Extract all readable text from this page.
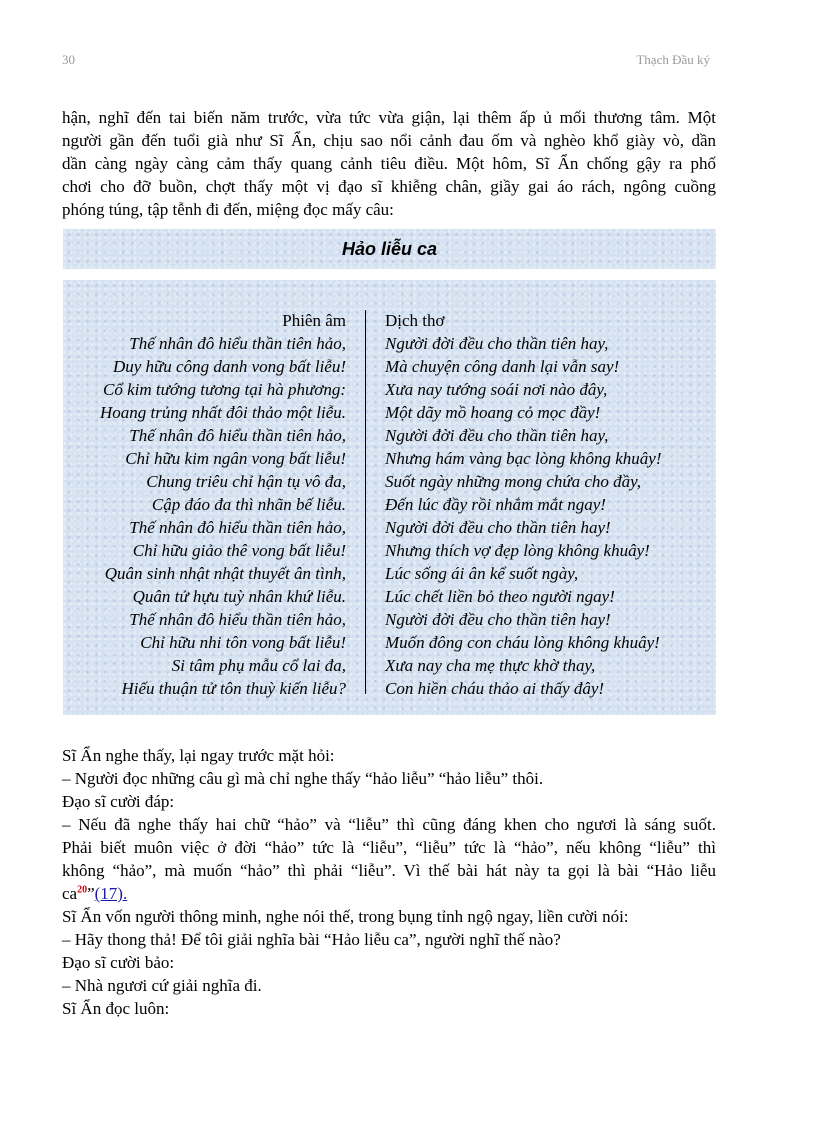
30	Thạch Đầu ký
hận, nghĩ đến tai biến năm trước, vừa tức vừa giận, lại thêm ấp ủ mối thương tâm. Một
người gần đến tuổi già như Sĩ Ẩn, chịu sao nổi cảnh đau ốm và nghèo khổ giày vò, dần
dần càng ngày càng cảm thấy quang cảnh tiêu điều. Một hôm, Sĩ Ẩn chống gậy ra phố
chơi cho đỡ buồn, chợt thấy một vị đạo sĩ khiễng chân, giầy gai áo rách, ngông cuồng
phóng túng, tập tễnh đi đến, miệng đọc mấy câu:
Hảo liễu ca
Phiên âm
Thế nhân đô hiểu thần tiên hảo,
Duy hữu công danh vong bất liễu!
Cổ kim tướng tương tại hà phương:
Hoang trủng nhất đôi thảo một liễu.
Thế nhân đô hiểu thần tiên hảo,
Chỉ hữu kim ngân vong bất liễu!
Chung triêu chỉ hận tụ vô đa,
Cập đáo đa thì nhãn bế liễu.
Thế nhân đô hiểu thần tiên hảo,
Chỉ hữu giảo thê vong bất liễu!
Quân sinh nhật nhật thuyết ân tình,
Quân tử hựu tuỳ nhân khứ liễu.
Thế nhân đô hiểu thần tiên hảo,
Chỉ hữu nhi tôn vong bất liễu!
Si tâm phụ mẫu cổ lai đa,
Hiếu thuận tử tôn thuỳ kiến liễu?
Dịch thơ
Người đời đều cho thần tiên hay,
Mà chuyện công danh lại vẫn say!
Xưa nay tướng soái nơi nào đây,
Một dãy mồ hoang cỏ mọc đầy!
Người đời đều cho thần tiên hay,
Nhưng hám vàng bạc lòng không khuây!
Suốt ngày những mong chứa cho đầy,
Đến lúc đầy rồi nhắm mắt ngay!
Người đời đều cho thần tiên hay!
Nhưng thích vợ đẹp lòng không khuây!
Lúc sống ái ân kể suốt ngày,
Lúc chết liền bỏ theo người ngay!
Người đời đều cho thần tiên hay!
Muốn đông con cháu lòng không khuây!
Xưa nay cha mẹ thực khờ thay,
Con hiền cháu thảo ai thấy đây!
Sĩ Ẩn nghe thấy, lại ngay trước mặt hỏi:
– Người đọc những câu gì mà chỉ nghe thấy “hảo liễu” “hảo liễu” thôi.
Đạo sĩ cười đáp:
– Nếu đã nghe thấy hai chữ “hảo” và “liễu” thì cũng đáng khen cho ngươi là sáng suốt.
Phải biết muôn việc ở đời “hảo” tức là “liễu”, “liễu” tức là “hảo”, nếu không “liễu” thì
không “hảo”, mà muốn “hảo” thì phải “liễu”. Vì thế bài hát này ta gọi là bài “Hảo liễu
ca$^{20}$”(17).
Sĩ Ẩn vốn người thông minh, nghe nói thế, trong bụng tỉnh ngộ ngay, liền cười nói:
– Hãy thong thả! Để tôi giải nghĩa bài “Hảo liễu ca”, người nghĩ thế nào?
Đạo sĩ cười bảo:
– Nhà ngươi cứ giải nghĩa đi.
Sĩ Ẩn đọc luôn:
